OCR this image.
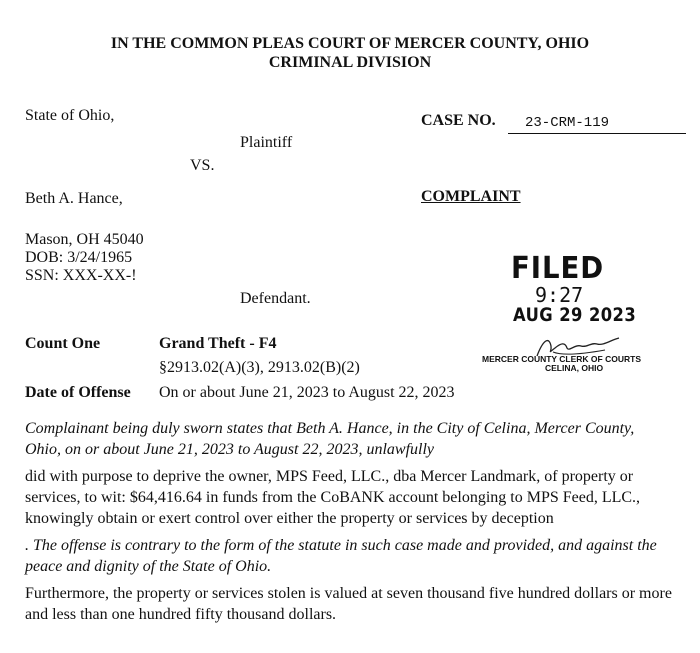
IN THE COMMON PLEAS COURT OF MERCER COUNTY, OHIO
CRIMINAL DIVISION
State of Ohio,
Plaintiff
VS.
Beth A. Hance,
Mason, OH 45040
DOB: 3/24/1965
SSN: XXX-XX-!
Defendant.
CASE NO. 23-CRM-119
COMPLAINT
FILED
9:27
AUG 29 2023
MERCER COUNTY CLERK OF COURTS
CELINA, OHIO
Count One	Grand Theft - F4
§2913.02(A)(3), 2913.02(B)(2)
Date of Offense On or about June 21, 2023 to August 22, 2023
Complainant being duly sworn states that Beth A. Hance, in the City of Celina, Mercer County, Ohio, on or about June 21, 2023 to August 22, 2023, unlawfully
did with purpose to deprive the owner, MPS Feed, LLC., dba Mercer Landmark, of property or services, to wit: $64,416.64 in funds from the CoBANK account belonging to MPS Feed, LLC., knowingly obtain or exert control over either the property or services by deception
. The offense is contrary to the form of the statute in such case made and provided, and against the peace and dignity of the State of Ohio.
Furthermore, the property or services stolen is valued at seven thousand five hundred dollars or more and less than one hundred fifty thousand dollars.
